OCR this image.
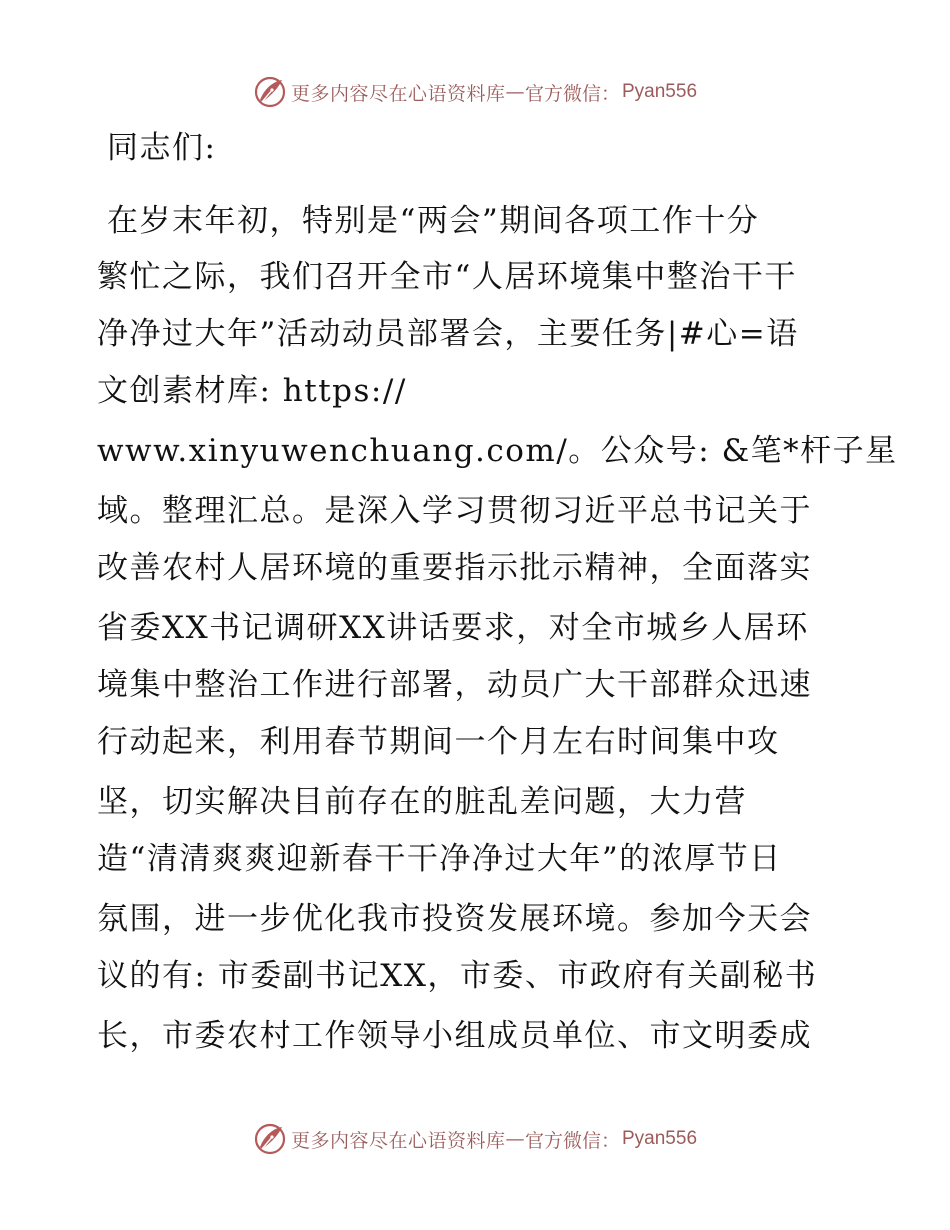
更多内容尽在心语资料库 — 官方微信： Pyan556
同志们:
在岁末年初，特别是“两会”期间各项工作十分
繁忙之际，我们召开全市“人居环境集中整治干干
净净过大年”活动动员部署会，主要任务|#心=语
文创素材库: https://
www.xinyuwenchuang.com/。公众号: &笔*杆子星
域。整理汇总。是深入学习贯彻习近平总书记关于
改善农村人居环境的重要指示批示精神，全面落实
省委XX书记调研XX讲话要求，对全市城乡人居环
境集中整治工作进行部署，动员广大干部群众迅速
行动起来，利用春节期间一个月左右时间集中攻
坚，切实解决目前存在的脏乱差问题，大力营
造“清清爽爽迎新春干干净净过大年”的浓厚节日
氛围，进一步优化我市投资发展环境。参加今天会
议的有: 市委副书记XX，市委、市政府有关副秘书
长，市委农村工作领导小组成员单位、市文明委成
更多内容尽在心语资料库 — 官方微信： Pyan556
